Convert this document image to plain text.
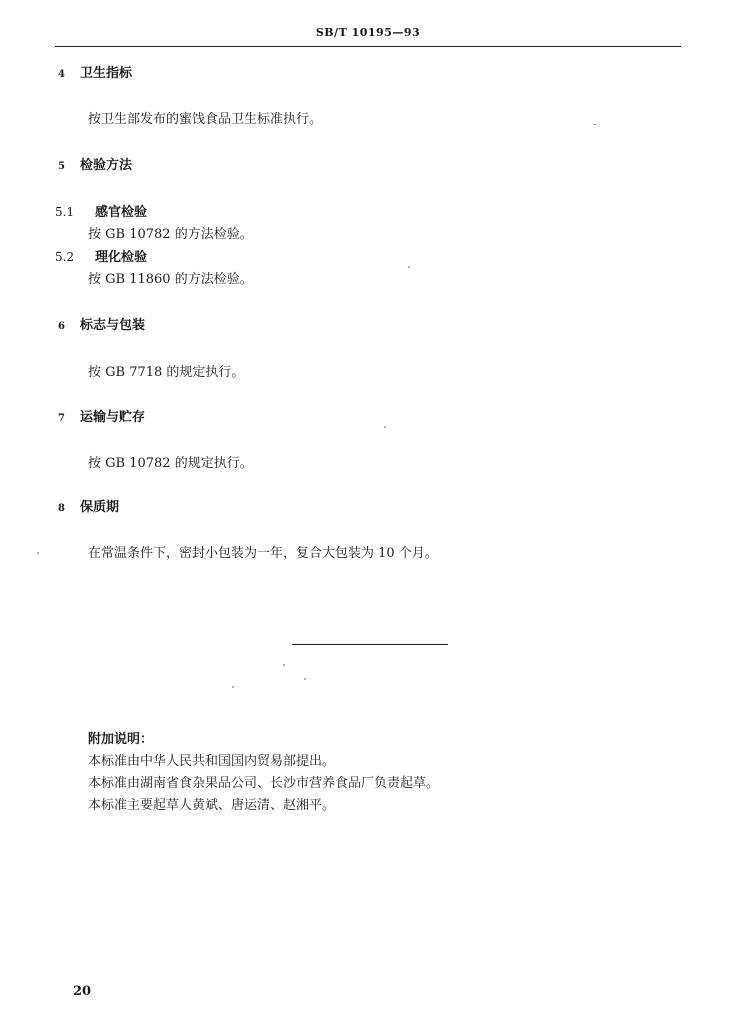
SB/T 10195—93
4 卫生指标
按卫生部发布的蜜饯食品卫生标准执行。
5 检验方法
5.1 感官检验
按 GB 10782 的方法检验。
5.2 理化检验
按 GB 11860 的方法检验。
6 标志与包装
按 GB 7718 的规定执行。
7 运输与贮存
按 GB 10782 的规定执行。
8 保质期
在常温条件下，密封小包装为一年，复合大包装为 10 个月。
附加说明：
本标准由中华人民共和国国内贸易部提出。
本标准由湖南省食杂果品公司、长沙市营养食品厂负责起草。
本标准主要起草人黄斌、唐运清、赵湘平。
20
